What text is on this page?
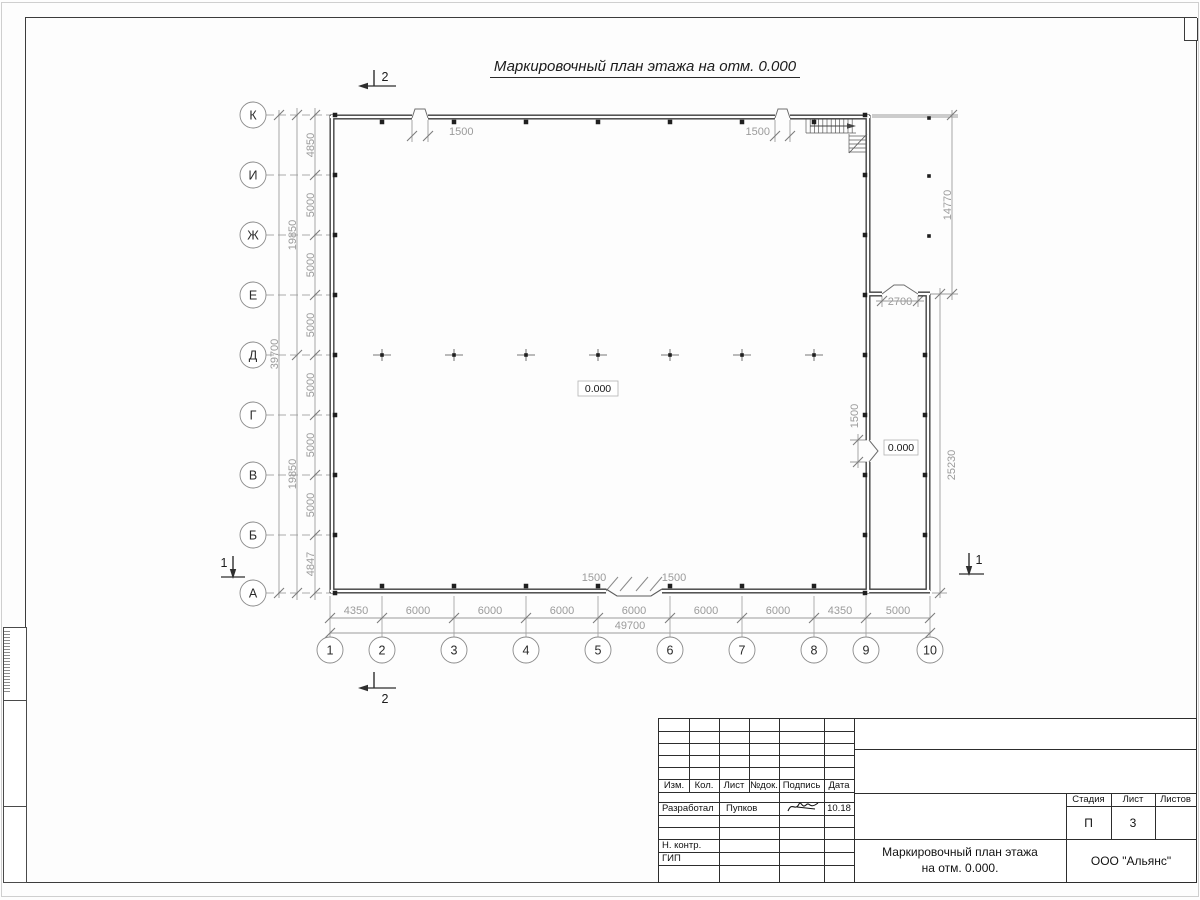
Маркировочный план этажа на отм. 0.000
4850
5000
5000
5000
5000
5000
5000
4847
19850
19850
39700
4350	6000	6000	6000	6000	6000	6000	4350	5000
49700
14770
25230
1500	1500
1500	1500
1500
2700
0.000
0.000
2
2
1	1
К
И
Ж
Е
Д
Г
В
Б
А
1	2	3	4	5	6	7	8	9	10
Изм.	Кол.	Лист №док. Подпись Дата
Разработал	Пупков	10.18
Н. контр.
ГИП
Стадия	Лист	Листов
П	3
Маркировочный план этажа
на отм. 0.000.	ООО "Альянс"
